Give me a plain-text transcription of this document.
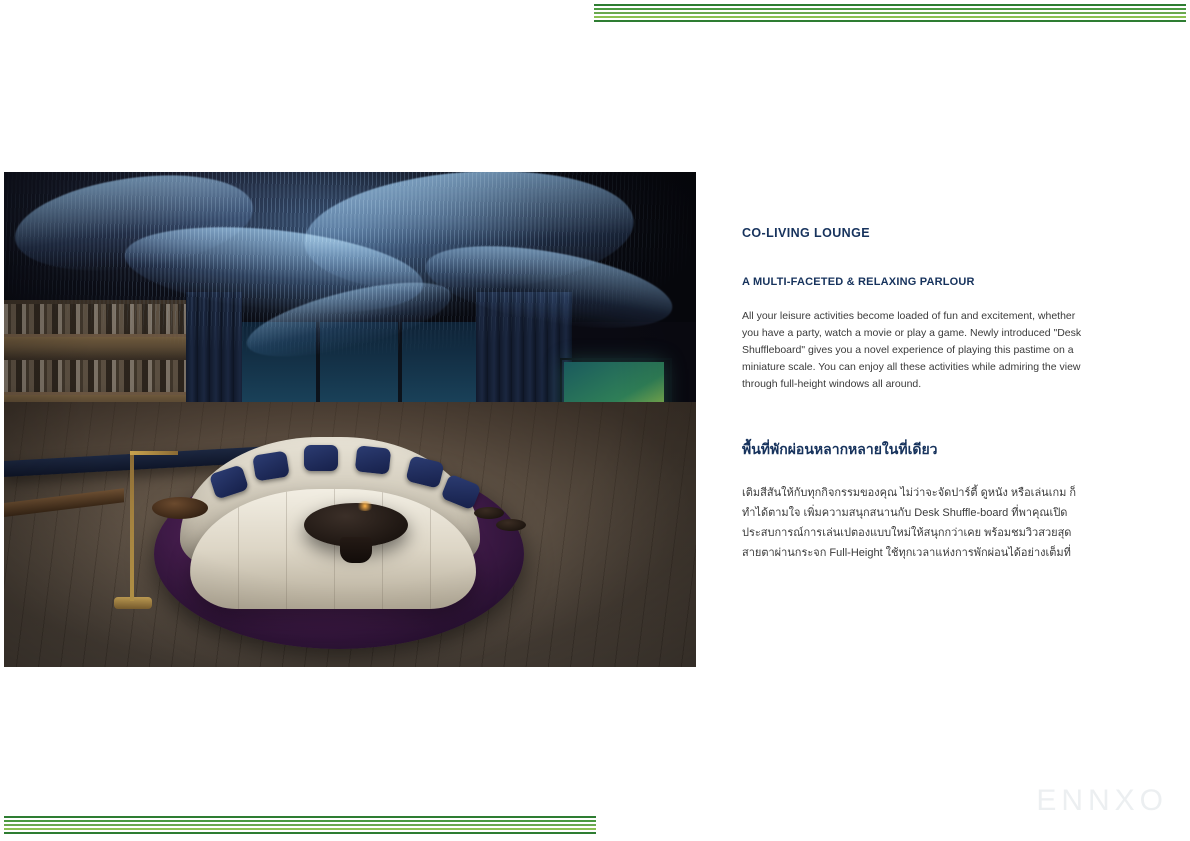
CO-LIVING LOUNGE
A MULTI-FACETED & RELAXING PARLOUR

All your leisure activities become loaded of fun and excitement, whether you have a party, watch a movie or play a game. Newly introduced "Desk Shuffleboard" gives you a novel experience of playing this pastime on a miniature scale. You can enjoy all these activities while admiring the view through full-height windows all around.

พื้นที่พักผ่อนหลากหลายในที่เดียว

เติมสีสันให้กับทุกกิจกรรมของคุณ ไม่ว่าจะจัดปาร์ตี้ ดูหนัง หรือเล่นเกม ก็ทำได้ตามใจ เพิ่มความสนุกสนานกับ Desk Shuffle-board ที่พาคุณเปิดประสบการณ์การเล่นเปตองแบบใหม่ให้สนุกกว่าเคย พร้อมชมวิวสวยสุดสายตาผ่านกระจก Full-Height ใช้ทุกเวลาแห่งการพักผ่อนได้อย่างเต็มที่

ENNXO
